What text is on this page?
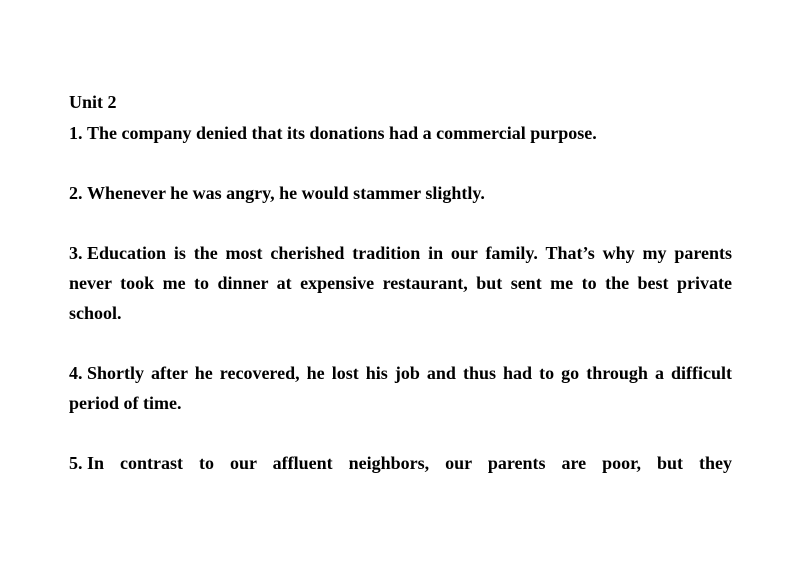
Unit 2

1. The company denied that its donations had a commercial purpose.

2. Whenever he was angry, he would stammer slightly.

3. Education is the most cherished tradition in our family. That’s why my parents never took me to dinner at expensive restaurant, but sent me to the best private school.

4. Shortly after he recovered, he lost his job and thus had to go through a difficult period of time.

5. In contrast to our affluent neighbors, our parents are poor, but they
